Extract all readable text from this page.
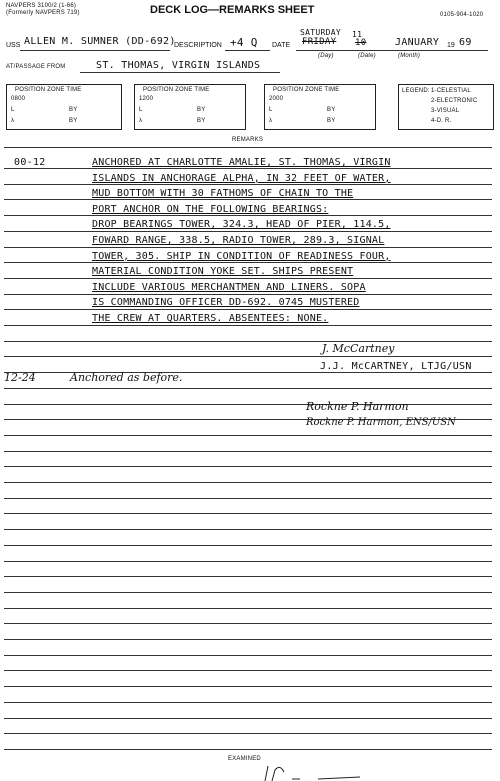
NAVPERS 3100/2 (1-66)
(Formerly NAVPERS 719)	DECK LOG—REMARKS SHEET	0105-904-1020
USS ALLEN M. SUMNER (DD-692)
DESCRIPTION +4 Q DATE
SATURDAY
FRIDAY
11
10	JANUARY 19 69
(Day)	(Date)	(Month)
AT/PASSAGE FROM	ST. THOMAS, VIRGIN ISLANDS
POSITION ZONE TIME
0800
L	BY
λ	BY
POSITION ZONE TIME
1200
L	BY
λ	BY
POSITION ZONE TIME
2000
L	BY
λ	BY
LEGEND: 1-CELESTIAL
2-ELECTRONIC
3-VISUAL
4-D. R.
REMARKS
00-12	ANCHORED AT CHARLOTTE AMALIE, ST. THOMAS, VIRGIN
ISLANDS IN ANCHORAGE ALPHA, IN 32 FEET OF WATER,
MUD BOTTOM WITH 30 FATHOMS OF CHAIN TO THE
PORT ANCHOR ON THE FOLLOWING BEARINGS:
DROP BEARINGS TOWER, 324.3, HEAD OF PIER, 114.5,
FOWARD RANGE, 338.5, RADIO TOWER, 289.3, SIGNAL
TOWER, 305. SHIP IN CONDITION OF READINESS FOUR,
MATERIAL CONDITION YOKE SET. SHIPS PRESENT
INCLUDE VARIOUS MERCHANTMEN AND LINERS. SOPA
IS COMMANDING OFFICER DD-692. 0745 MUSTERED
THE CREW AT QUARTERS. ABSENTEES: NONE.
J. McCartney
J.J. McCARTNEY, LTJG/USN
12-24	Anchored as before.
Rockne P. Harmon
Rockne P. Harmon, ENS/USN
EXAMINED
